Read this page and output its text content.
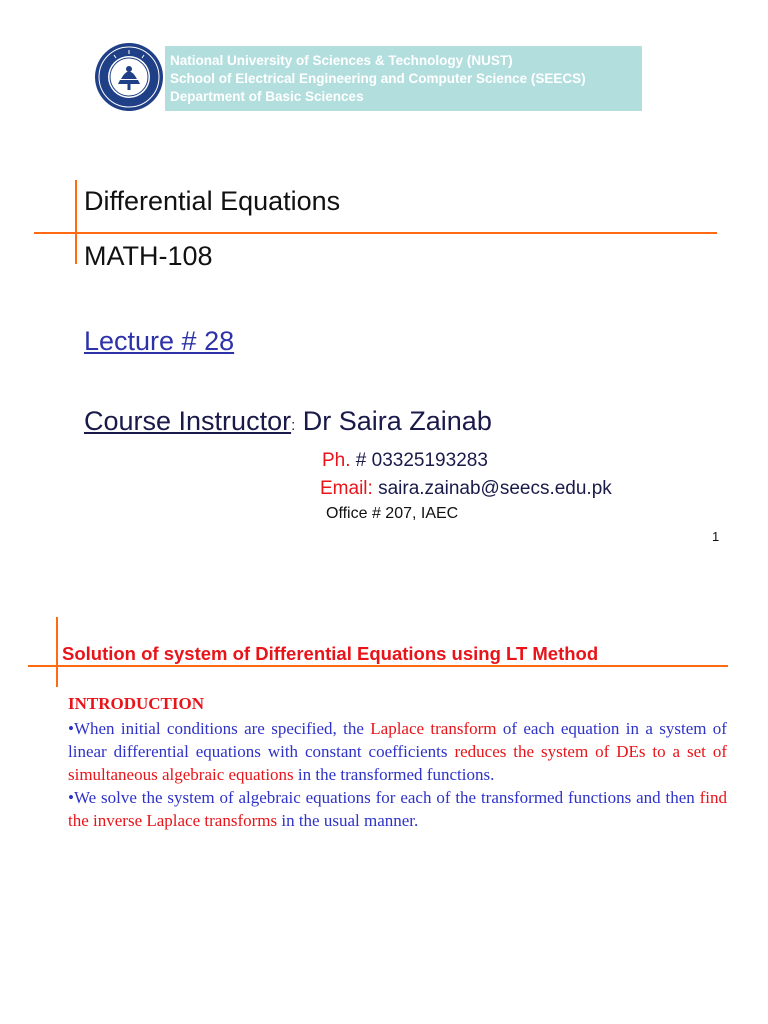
National University of Sciences & Technology (NUST)
School of Electrical Engineering and Computer Science (SEECS)
Department of Basic Sciences
Differential Equations
MATH-108
Lecture # 28
Course Instructor: Dr Saira Zainab
Ph. # 03325193283
Email: saira.zainab@seecs.edu.pk
Office # 207, IAEC
1
Solution of system of Differential Equations using LT Method
INTRODUCTION
•When initial conditions are specified, the Laplace transform of each equation in a system of linear differential equations with constant coefficients reduces the system of DEs to a set of simultaneous algebraic equations in the transformed functions.
•We solve the system of algebraic equations for each of the transformed functions and then find the inverse Laplace transforms in the usual manner.
